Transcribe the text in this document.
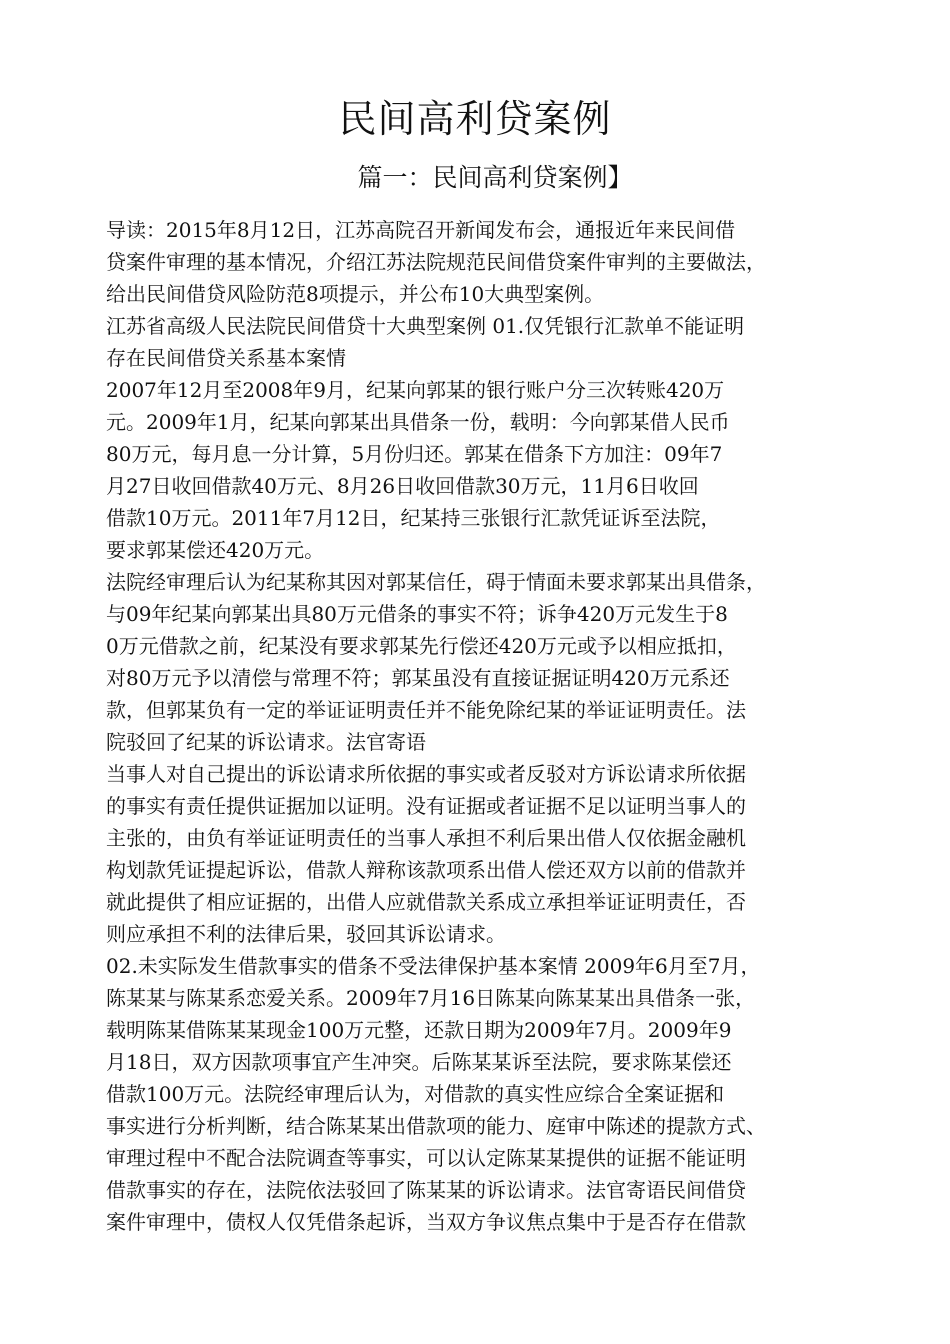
民间高利贷案例
篇一：民间高利贷案例】
导读：2015年8月12日，江苏高院召开新闻发布会，通报近年来民间借
贷案件审理的基本情况，介绍江苏法院规范民间借贷案件审判的主要做法，
给出民间借贷风险防范8项提示，并公布10大典型案例。
江苏省高级人民法院民间借贷十大典型案例 01.仅凭银行汇款单不能证明
存在民间借贷关系基本案情
2007年12月至2008年9月，纪某向郭某的银行账户分三次转账420万
元。2009年1月，纪某向郭某出具借条一份，载明：今向郭某借人民币
80万元，每月息一分计算，5月份归还。郭某在借条下方加注：09年7
月27日收回借款40万元、8月26日收回借款30万元，11月6日收回
借款10万元。2011年7月12日，纪某持三张银行汇款凭证诉至法院，
要求郭某偿还420万元。
法院经审理后认为纪某称其因对郭某信任，碍于情面未要求郭某出具借条，
与09年纪某向郭某出具80万元借条的事实不符；诉争420万元发生于8
0万元借款之前，纪某没有要求郭某先行偿还420万元或予以相应抵扣，
对80万元予以清偿与常理不符；郭某虽没有直接证据证明420万元系还
款，但郭某负有一定的举证证明责任并不能免除纪某的举证证明责任。法
院驳回了纪某的诉讼请求。法官寄语
当事人对自己提出的诉讼请求所依据的事实或者反驳对方诉讼请求所依据
的事实有责任提供证据加以证明。没有证据或者证据不足以证明当事人的
主张的，由负有举证证明责任的当事人承担不利后果出借人仅依据金融机
构划款凭证提起诉讼，借款人辩称该款项系出借人偿还双方以前的借款并
就此提供了相应证据的，出借人应就借款关系成立承担举证证明责任，否
则应承担不利的法律后果，驳回其诉讼请求。
02.未实际发生借款事实的借条不受法律保护基本案情 2009年6月至7月，
陈某某与陈某系恋爱关系。2009年7月16日陈某向陈某某出具借条一张，
载明陈某借陈某某现金100万元整，还款日期为2009年7月。2009年9
月18日，双方因款项事宜产生冲突。后陈某某诉至法院，要求陈某偿还
借款100万元。法院经审理后认为，对借款的真实性应综合全案证据和
事实进行分析判断，结合陈某某出借款项的能力、庭审中陈述的提款方式、
审理过程中不配合法院调查等事实，可以认定陈某某提供的证据不能证明
借款事实的存在，法院依法驳回了陈某某的诉讼请求。法官寄语民间借贷
案件审理中，债权人仅凭借条起诉，当双方争议焦点集中于是否存在借款
